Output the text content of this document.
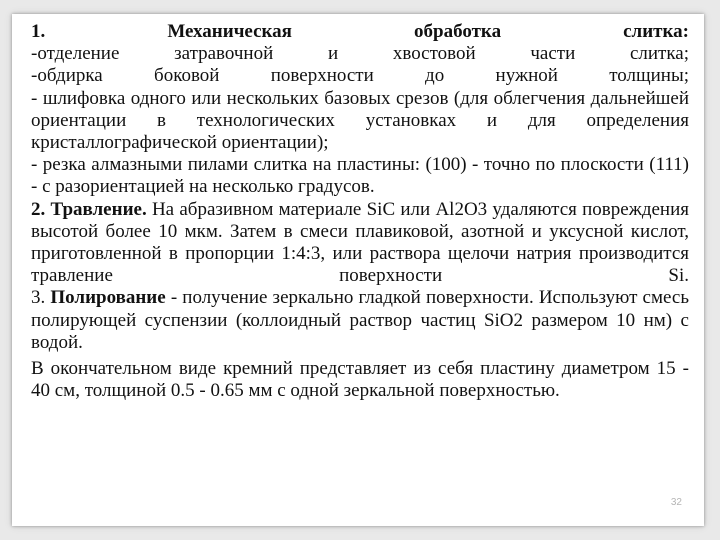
1. Механическая обработка слитка:

-отделение затравочной и хвостовой части слитка;

-обдирка боковой поверхности до нужной толщины;

- шлифовка одного или нескольких базовых срезов (для облегчения дальнейшей ориентации в технологических установках и для определения кристаллографической ориентации);

- резка алмазными пилами слитка на пластины: (100) - точно по плоскости (111) - с разориентацией на несколько градусов.

2. Травление. На абразивном материале SiC или Al2O3 удаляются повреждения высотой более 10 мкм. Затем в смеси плавиковой, азотной и уксусной кислот, приготовленной в пропорции 1:4:3, или раствора щелочи натрия производится травление поверхности Si.

3. Полирование - получение зеркально гладкой поверхности. Используют смесь полирующей суспензии (коллоидный раствор частиц SiO2 размером 10 нм) с водой.

В окончательном виде кремний представляет из себя пластину диаметром 15 - 40 см, толщиной 0.5 - 0.65 мм с одной зеркальной поверхностью.

32
